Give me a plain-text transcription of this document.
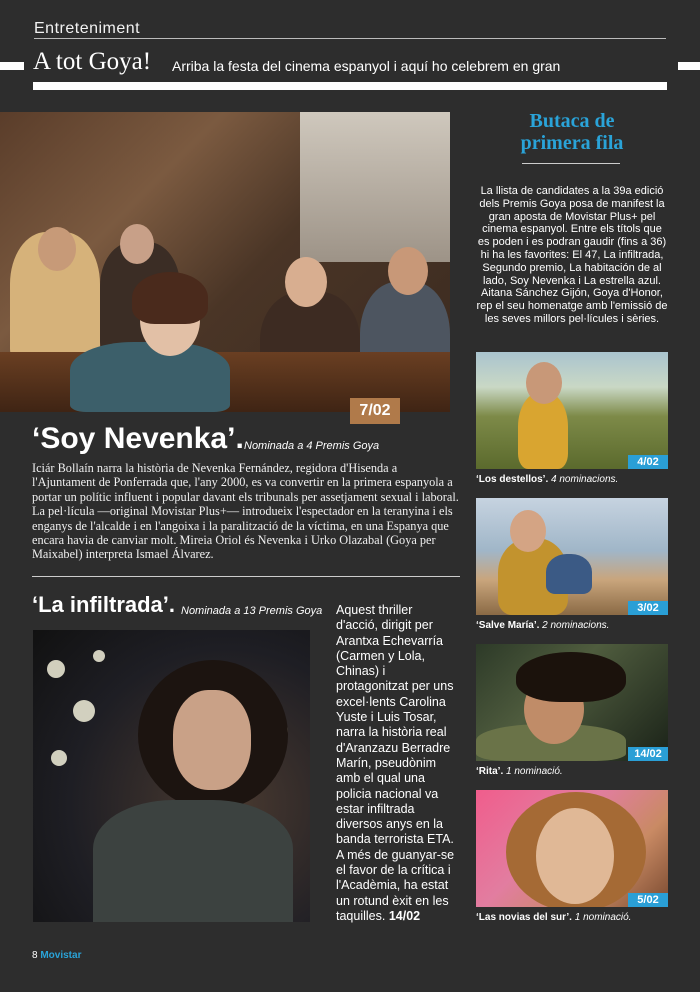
Entreteniment
A tot Goya! Arriba la festa del cinema espanyol i aquí ho celebrem en gran
7/02
‘Soy Nevenka’. Nominada a 4 Premis Goya
Iciár Bollaín narra la història de Nevenka Fernández, regidora d'Hisenda a l'Ajuntament de Ponferrada que, l'any 2000, es va convertir en la primera espanyola a portar un polític influent i popular davant els tribunals per assetjament sexual i laboral. La pel·lícula —original Movistar Plus+— introdueix l'espectador en la teranyina i els enganys de l'alcalde i en l'angoixa i la paralització de la víctima, en una Espanya que encara havia de canviar molt. Mireia Oriol és Nevenka i Urko Olazabal (Goya per Maixabel) interpreta Ismael Álvarez.
‘La infiltrada’. Nominada a 13 Premis Goya Aquest thriller d'acció, dirigit per Arantxa Echevarría (Carmen y Lola, Chinas) i protagonitzat per uns excel·lents Carolina Yuste i Luis Tosar, narra la història real d'Aranzazu Berradre Marín, pseudònim amb el qual una policia nacional va estar infiltrada diversos anys en la banda terrorista ETA. A més de guanyar-se el favor de la crítica i l'Acadèmia, ha estat un rotund èxit en les taquilles. 14/02
Butaca de
primera fila
La llista de candidates a la 39a edició dels Premis Goya posa de manifest la gran aposta de Movistar Plus+ pel cinema espanyol. Entre els títols que es poden i es podran gaudir (fins a 36) hi ha les favorites: El 47, La infiltrada, Segundo premio, La habitación de al lado, Soy Nevenka i La estrella azul. Aitana Sánchez Gijón, Goya d'Honor, rep el seu homenatge amb l'emissió de les seves millors pel·lícules i sèries.
4/02
‘Los destellos’. 4 nominacions.
3/02
‘Salve María’. 2 nominacions.
14/02
‘Rita’. 1 nominació.
5/02
‘Las novias del sur’. 1 nominació.
8 Movistar
